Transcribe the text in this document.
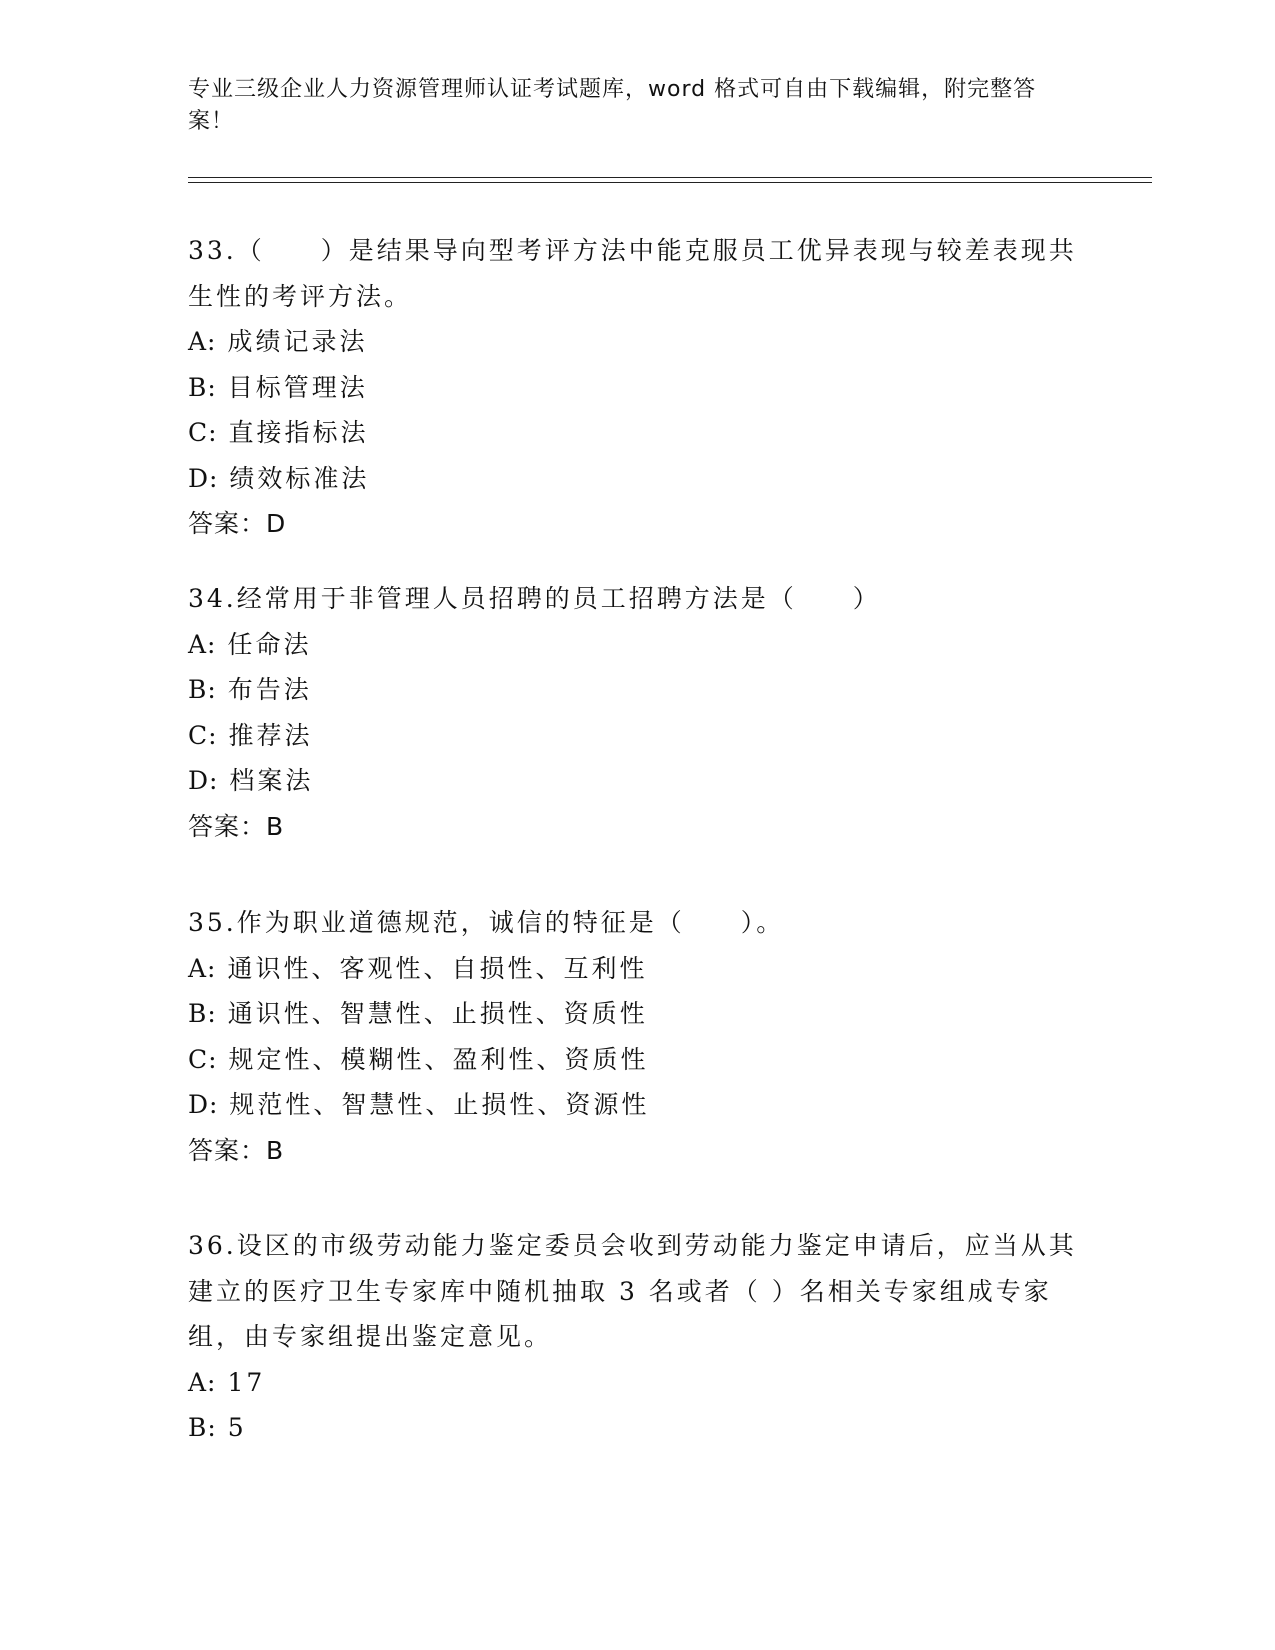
专业三级企业人力资源管理师认证考试题库，word 格式可自由下载编辑，附完整答案！

33.（　　）是结果导向型考评方法中能克服员工优异表现与较差表现共生性的考评方法。

A: 成绩记录法
B: 目标管理法
C: 直接指标法
D: 绩效标准法
答案：D

34.经常用于非管理人员招聘的员工招聘方法是（　　）

A: 任命法
B: 布告法
C: 推荐法
D: 档案法
答案：B

35.作为职业道德规范，诚信的特征是（　　）。

A: 通识性、客观性、自损性、互利性
B: 通识性、智慧性、止损性、资质性
C: 规定性、模糊性、盈利性、资质性
D: 规范性、智慧性、止损性、资源性
答案：B

36.设区的市级劳动能力鉴定委员会收到劳动能力鉴定申请后，应当从其建立的医疗卫生专家库中随机抽取 3 名或者（ ）名相关专家组成专家组，由专家组提出鉴定意见。

A: 17
B: 5
